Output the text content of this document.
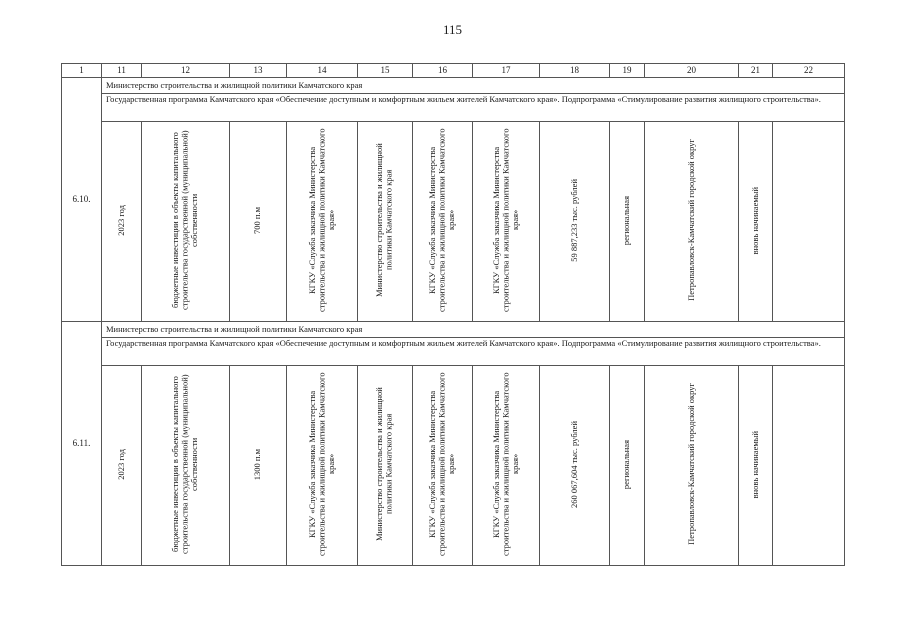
115
1	11	12	13	14	15	16	17	18	19	20	21	22
6.10.	Министерство строительства и жилищной политики Камчатского края											
	Государственная программа Камчатского края «Обеспечение доступным и комфортным жильем жителей Камчатского края». Подпрограмма «Стимулирование развития жилищного строительства».											
	2023 год	бюджетные инвестиции в объекты капитального строительства государственной (муниципальной) собственности	700 п.м	КГКУ «Служба заказчика Министерства строительства и жилищной политики Камчатского края»	Министерство строительства и жилищной политики Камчатского края	КГКУ «Служба заказчика Министерства строительства и жилищной политики Камчатского края»	КГКУ «Служба заказчика Министерства строительства и жилищной политики Камчатского края»	59 887,233 тыс. рублей	региональная	Петропавловск-Камчатский городской округ	вновь начинаемый	
6.11.	Министерство строительства и жилищной политики Камчатского края											
	Государственная программа Камчатского края «Обеспечение доступным и комфортным жильем жителей Камчатского края». Подпрограмма «Стимулирование развития жилищного строительства».											
	2023 год	бюджетные инвестиции в объекты капитального строительства государственной (муниципальной) собственности	1300 п.м	КГКУ «Служба заказчика Министерства строительства и жилищной политики Камчатского края»	Министерство строительства и жилищной политики Камчатского края	КГКУ «Служба заказчика Министерства строительства и жилищной политики Камчатского края»	КГКУ «Служба заказчика Министерства строительства и жилищной политики Камчатского края»	260 067,604 тыс. рублей	региональная	Петропавловск-Камчатский городской округ	вновь начинаемый	
